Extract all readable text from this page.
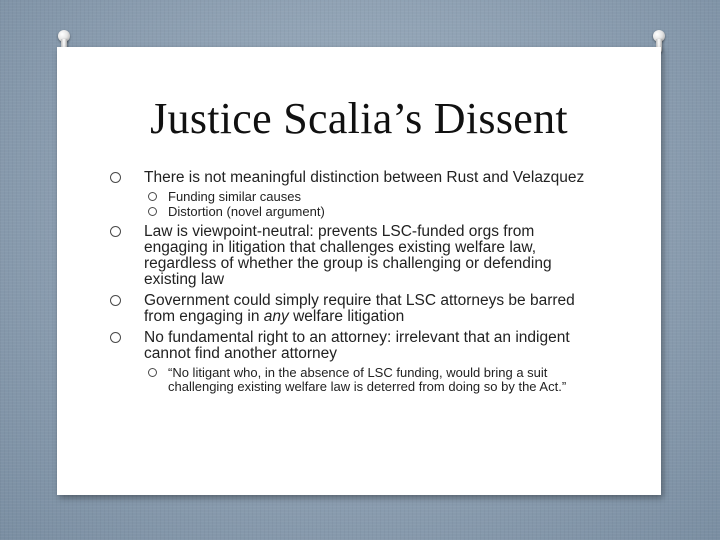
Justice Scalia’s Dissent
There is not meaningful distinction between Rust and Velazquez
Funding similar causes
Distortion (novel argument)
Law is viewpoint-neutral: prevents LSC-funded orgs from engaging in litigation that challenges existing welfare law, regardless of whether the group is challenging or defending existing law
Government could simply require that LSC attorneys be barred from engaging in any welfare litigation
No fundamental right to an attorney: irrelevant that an indigent cannot find another attorney
“No litigant who, in the absence of LSC funding, would bring a suit challenging existing welfare law is deterred from doing so by the Act.”
